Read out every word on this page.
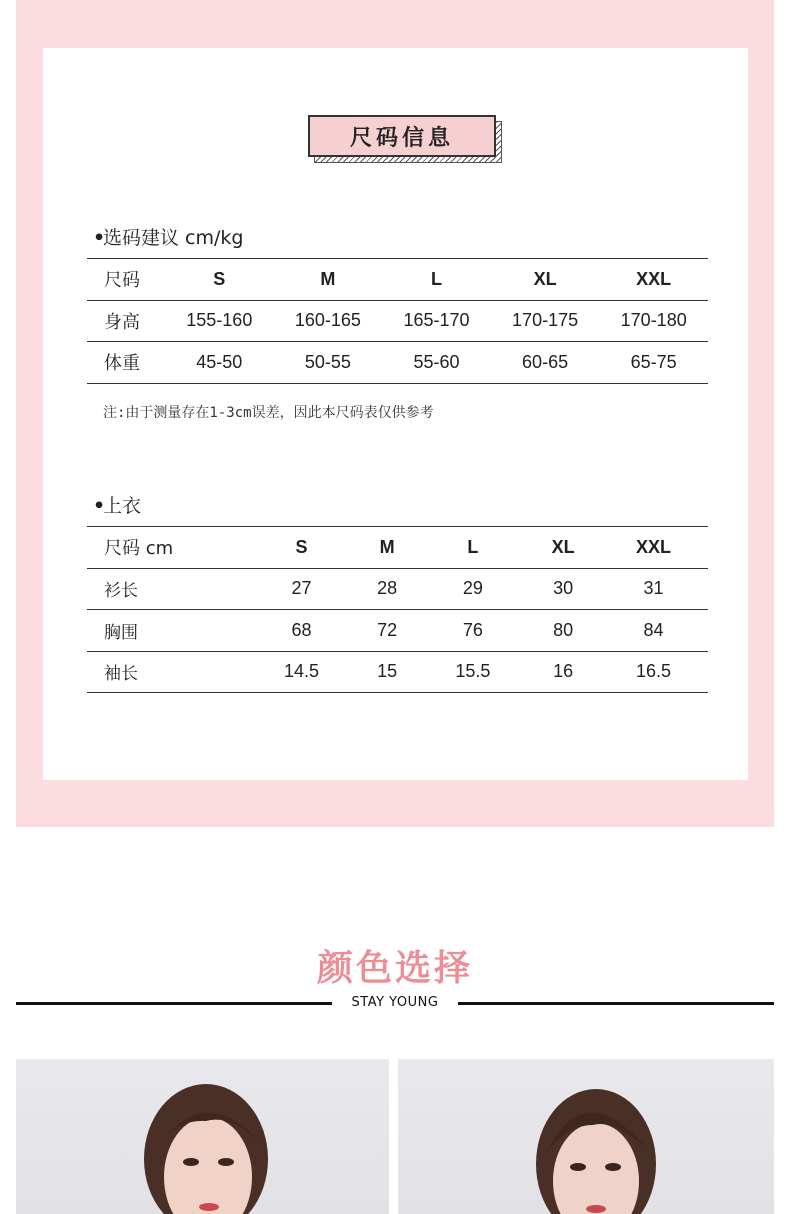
尺码信息
•选码建议 cm/kg
尺码	S	M	L	XL	XXL
身高	155-160	160-165	165-170	170-175	170-180
体重	45-50	50-55	55-60	60-65	65-75
注:由于测量存在1-3cm误差，因此本尺码表仅供参考
•上衣
尺码 cm	S	M	L	XL	XXL
衫长	27	28	29	30	31
胸围	68	72	76	80	84
袖长	14.5	15	15.5	16	16.5
颜色选择
STAY YOUNG
